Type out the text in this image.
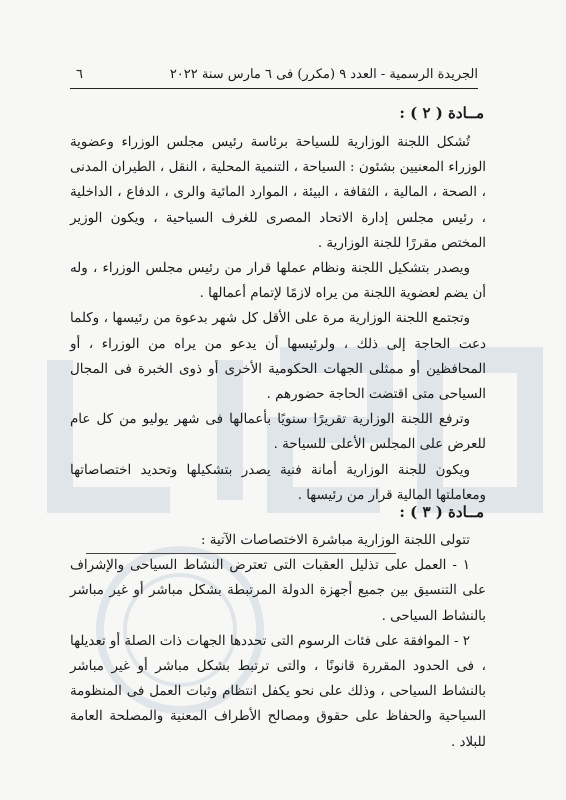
الجريدة الرسمية - العدد ٩ (مكرر) فى ٦ مارس سنة ٢٠٢٢
٦
مــادة ( ٢ ) :

تُشكل اللجنة الوزارية للسياحة برئاسة رئيس مجلس الوزراء وعضوية الوزراء المعنيين بشئون : السياحة ، التنمية المحلية ، النقل ، الطيران المدنى ، الصحة ، المالية ، الثقافة ، البيئة ، الموارد المائية والرى ، الدفاع ، الداخلية ، رئيس مجلس إدارة الاتحاد المصرى للغرف السياحية ، ويكون الوزير المختص مقررًا للجنة الوزارية .

ويصدر بتشكيل اللجنة ونظام عملها قرار من رئيس مجلس الوزراء ، وله أن يضم لعضوية اللجنة من يراه لازمًا لإتمام أعمالها .

وتجتمع اللجنة الوزارية مرة على الأقل كل شهر بدعوة من رئيسها ، وكلما دعت الحاجة إلى ذلك ، ولرئيسها أن يدعو من يراه من الوزراء ، أو المحافظين أو ممثلى الجهات الحكومية الأخرى أو ذوى الخبرة فى المجال السياحى متى اقتضت الحاجة حضورهم .

وترفع اللجنة الوزارية تقريرًا سنويًا بأعمالها فى شهر يوليو من كل عام للعرض على المجلس الأعلى للسياحة .

ويكون للجنة الوزارية أمانة فنية يصدر بتشكيلها وتحديد اختصاصاتها ومعاملتها المالية قرار من رئيسها .

مــادة ( ٣ ) :

تتولى اللجنة الوزارية مباشرة الاختصاصات الآتية :

١ - العمل على تذليل العقبات التى تعترض النشاط السياحى والإشراف على التنسيق بين جميع أجهزة الدولة المرتبطة بشكل مباشر أو غير مباشر بالنشاط السياحى .

٢ - الموافقة على فئات الرسوم التى تحددها الجهات ذات الصلة أو تعديلها ، فى الحدود المقررة قانونًا ، والتى ترتبط بشكل مباشر أو غير مباشر بالنشاط السياحى ، وذلك على نحو يكفل انتظام وثبات العمل فى المنظومة السياحية والحفاظ على حقوق ومصالح الأطراف المعنية والمصلحة العامة للبلاد .
